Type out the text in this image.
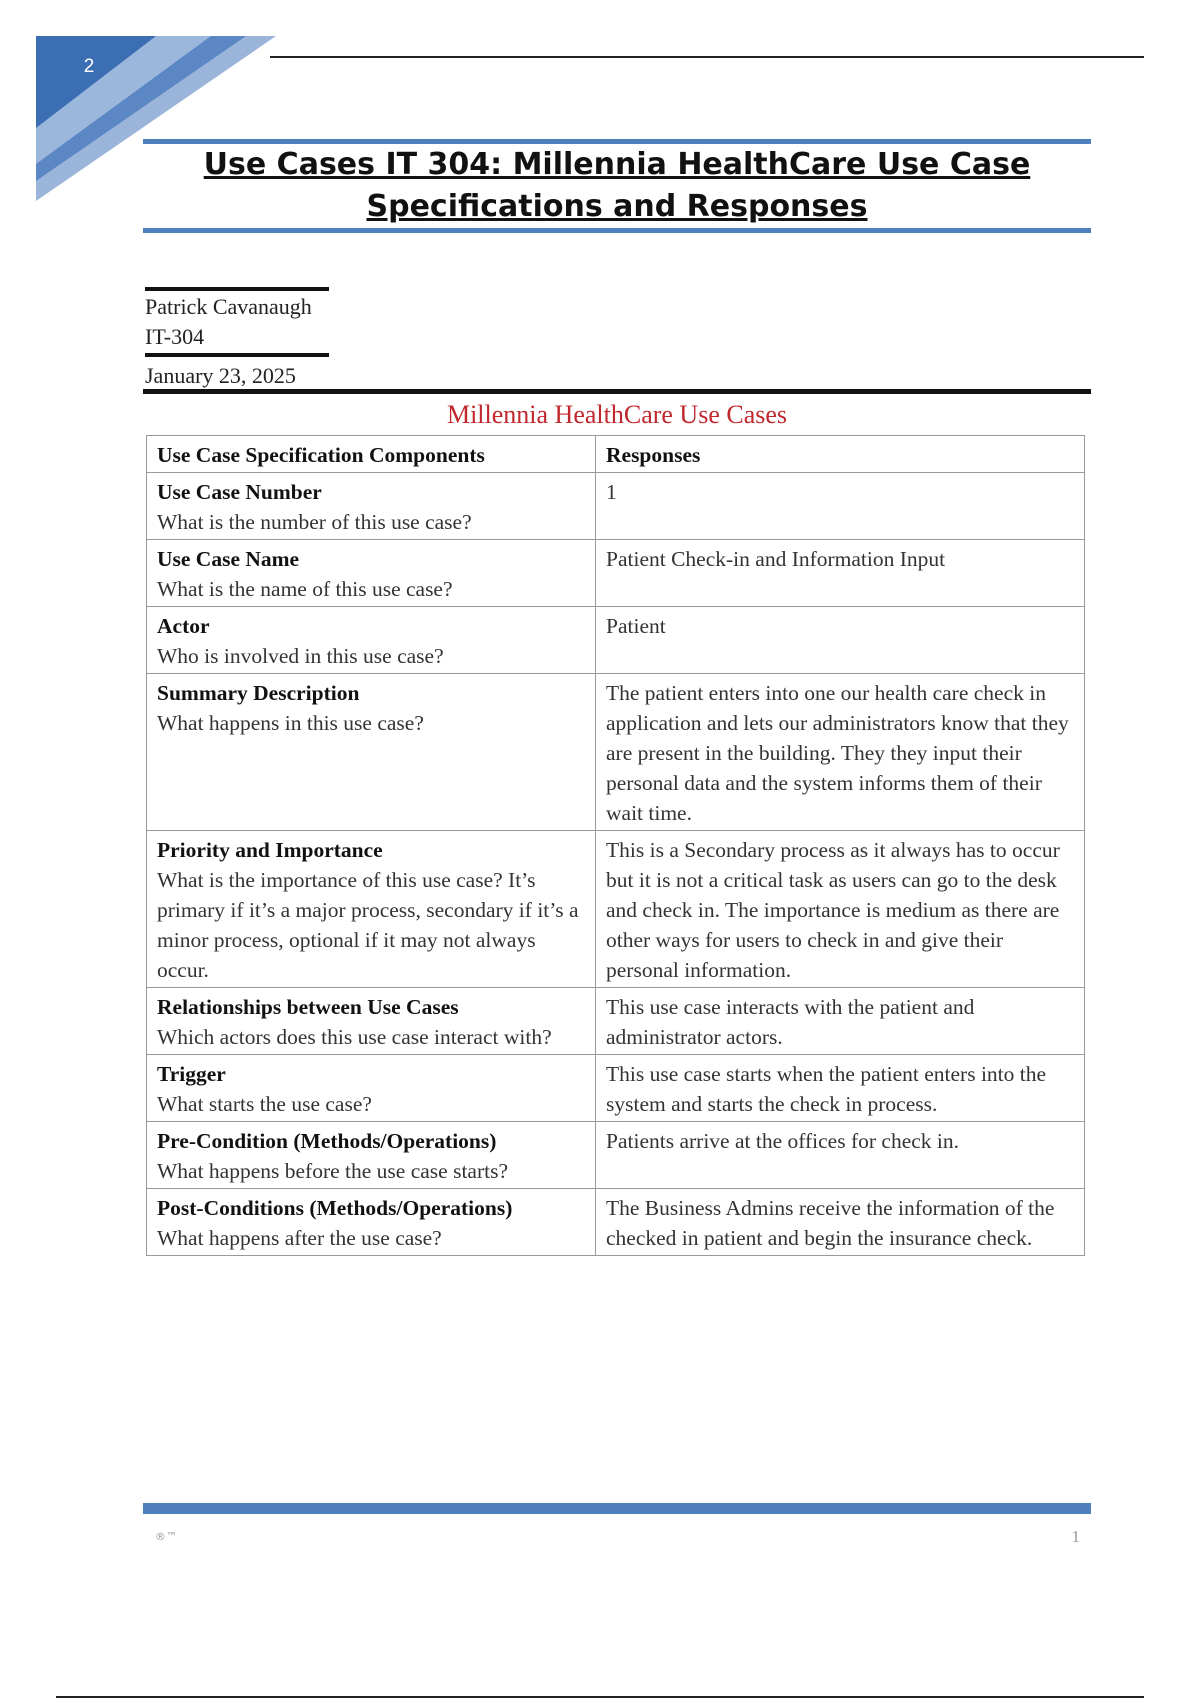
2
Use Cases IT 304: Millennia HealthCare Use Case Specifications and Responses
Patrick Cavanaugh
IT-304
January 23, 2025
Millennia HealthCare Use Cases
Use Case Specification Components	Responses

Use Case Number
What is the number of this use case?	1

Use Case Name
What is the name of this use case?	Patient Check-in and Information Input

Actor
Who is involved in this use case?	Patient

Summary Description
What happens in this use case?	The patient enters into one our health care check in application and lets our administrators know that they are present in the building. They they input their personal data and the system informs them of their wait time.

Priority and Importance
What is the importance of this use case? It’s primary if it’s a major process, secondary if it’s a minor process, optional if it may not always occur.	This is a Secondary process as it always has to occur but it is not a critical task as users can go to the desk and check in. The importance is medium as there are other ways for users to check in and give their personal information.

Relationships between Use Cases
Which actors does this use case interact with?	This use case interacts with the patient and administrator actors.

Trigger
What starts the use case?	This use case starts when the patient enters into the system and starts the check in process.

Pre-Condition (Methods/Operations)
What happens before the use case starts?	Patients arrive at the offices for check in.

Post-Conditions (Methods/Operations)
What happens after the use case?	The Business Admins receive the information of the checked in patient and begin the insurance check.
®™	1
